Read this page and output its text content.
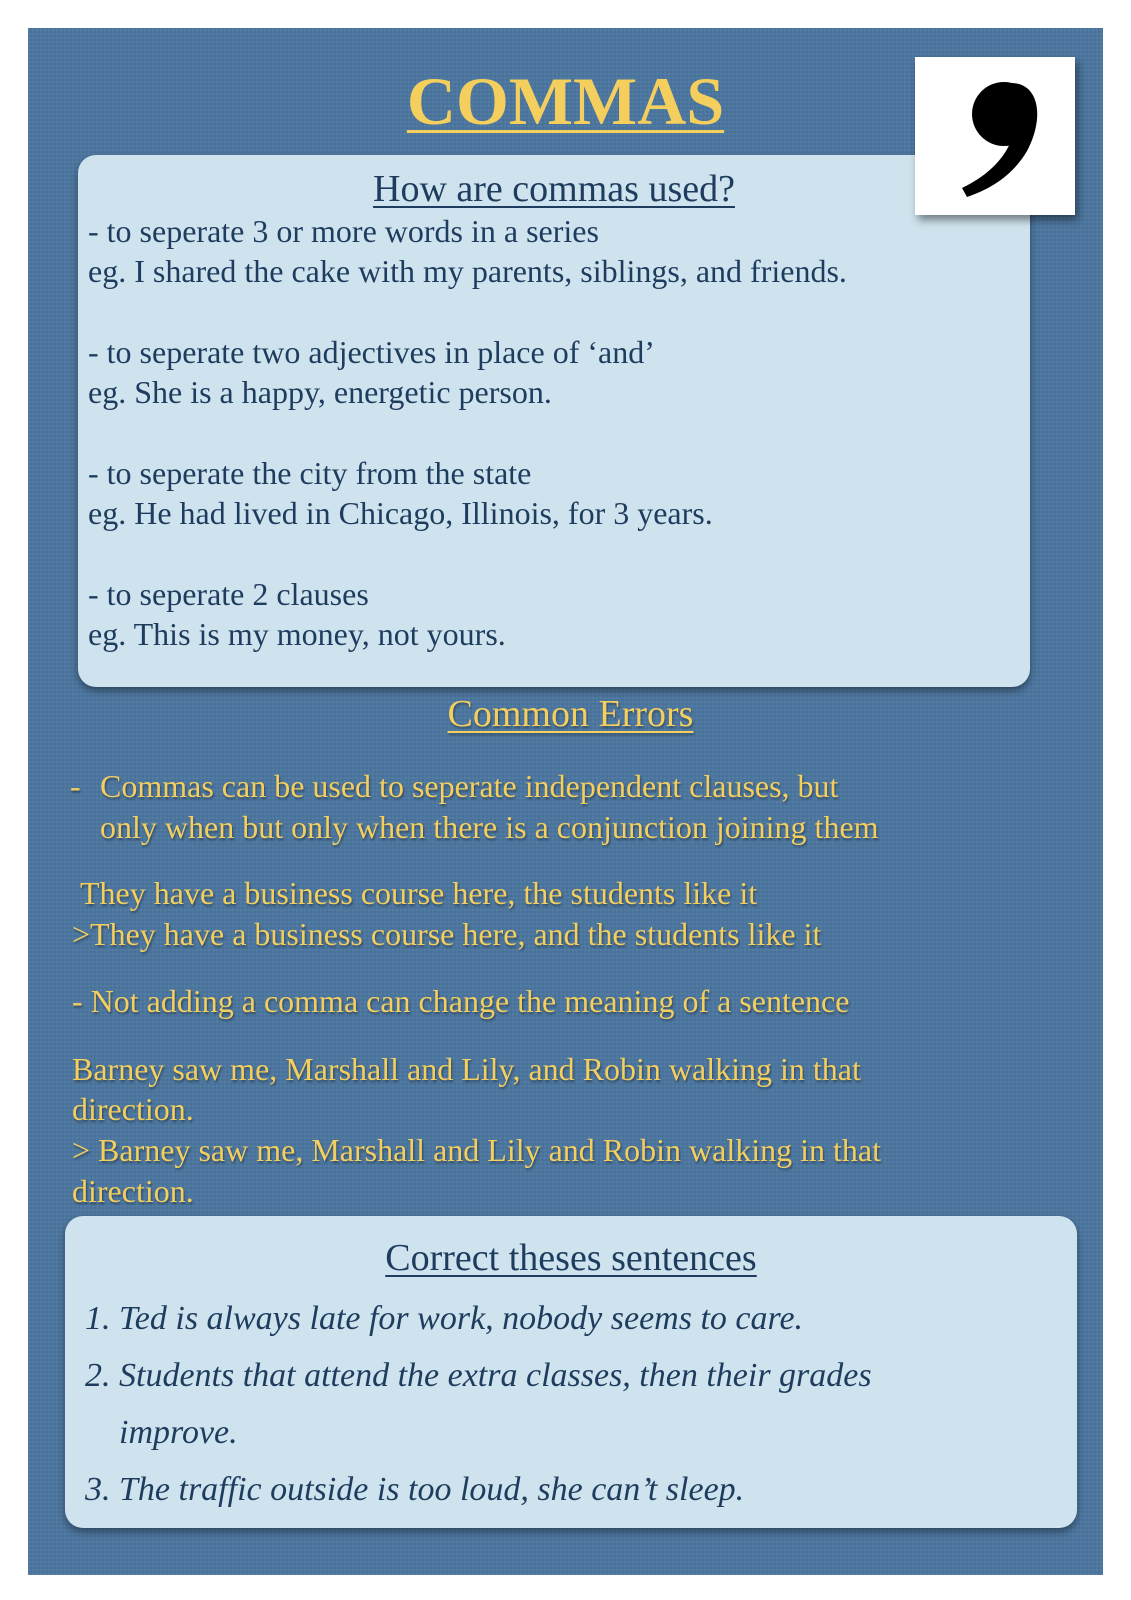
COMMAS
How are commas used?

- to seperate 3 or more words in a series

eg. I shared the cake with my parents, siblings, and friends.

- to seperate two adjectives in place of ‘and’

eg. She is a happy, energetic person.

- to seperate the city from the state

eg. He had lived in Chicago, Illinois, for 3 years.

- to seperate 2 clauses

eg. This is my money, not yours.

Common Errors

- Commas can be used to seperate independent clauses, but

only when but only when there is a conjunction joining them

They have a business course here, the students like it

>They have a business course here, and the students like it

- Not adding a comma can change the meaning of a sentence

Barney saw me, Marshall and Lily, and Robin walking in that

direction.

> Barney saw me, Marshall and Lily and Robin walking in that

direction.

Correct theses sentences
1. Ted is always late for work, nobody seems to care.
2. Students that attend the extra classes, then their grades
improve.
3. The traffic outside is too loud, she can’t sleep.
